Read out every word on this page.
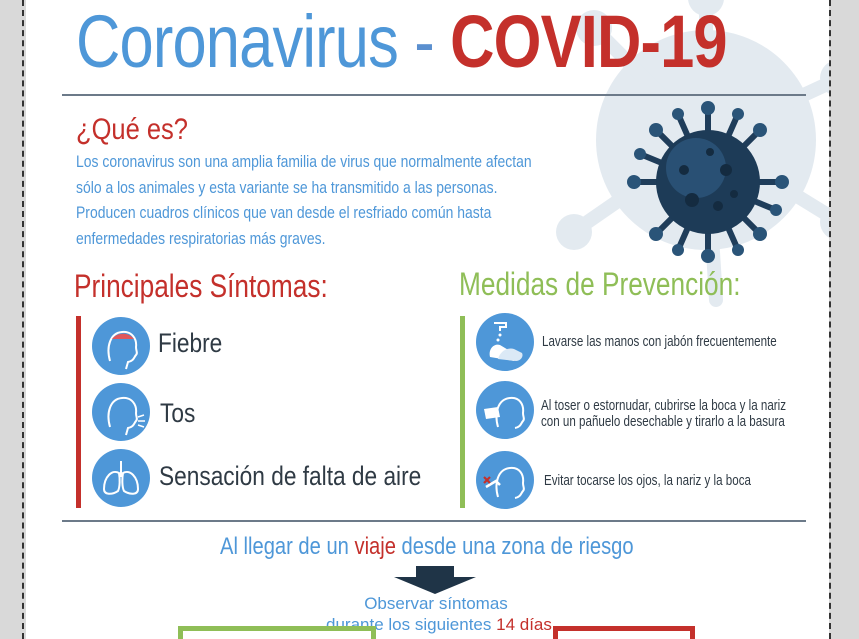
Coronavirus - COVID-19
¿Qué es?
Los coronavirus son una amplia familia de virus que normalmente afectan
sólo a los animales y esta variante se ha transmitido a las personas.
Producen cuadros clínicos que van desde el resfriado común hasta
enfermedades respiratorias más graves.
Principales Síntomas:	Medidas de Prevención:
Fiebre
Tos
Sensación de falta de aire
Lavarse las manos con jabón frecuentemente
Al toser o estornudar, cubrirse la boca y la nariz
con un pañuelo desechable y tirarlo a la basura
Evitar tocarse los ojos, la nariz y la boca
Al llegar de un viaje desde una zona de riesgo
Observar síntomas
durante los siguientes 14 días
